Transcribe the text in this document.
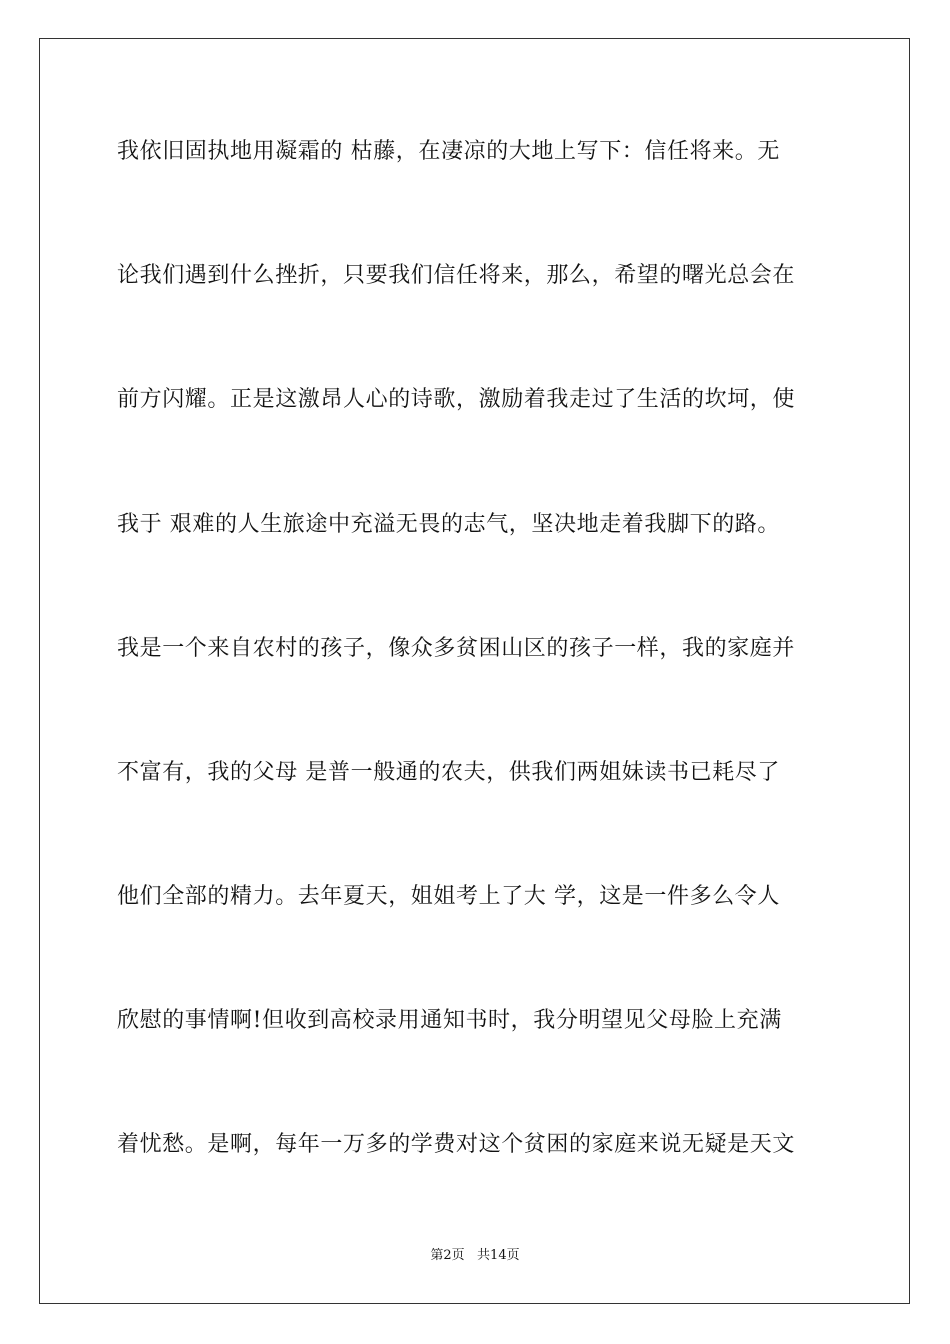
我依旧固执地用凝霜的 枯藤，在凄凉的大地上写下：信任将来。无
论我们遇到什么挫折，只要我们信任将来，那么，希望的曙光总会在
前方闪耀。正是这激昂人心的诗歌，激励着我走过了生活的坎坷，使
我于 艰难的人生旅途中充溢无畏的志气，坚决地走着我脚下的路。
我是一个来自农村的孩子，像众多贫困山区的孩子一样，我的家庭并
不富有，我的父母 是普一般通的农夫，供我们两姐妹读书已耗尽了
他们全部的精力。去年夏天，姐姐考上了大 学，这是一件多么令人
欣慰的事情啊!但收到高校录用通知书时，我分明望见父母脸上充满
着忧愁。是啊，每年一万多的学费对这个贫困的家庭来说无疑是天文
第2页   共14页
